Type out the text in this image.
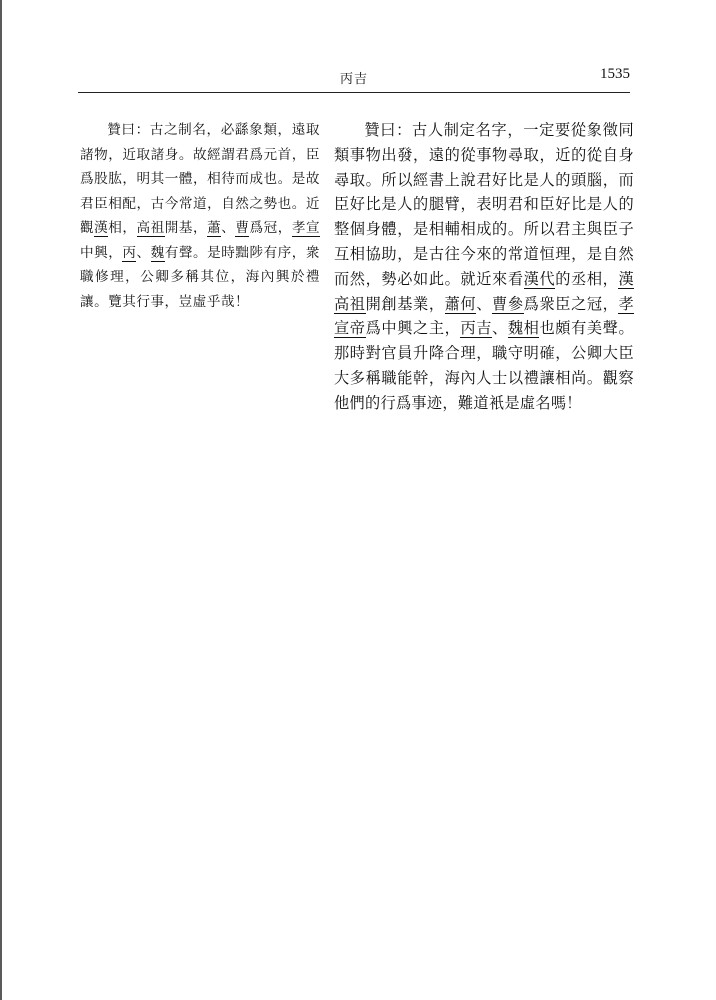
丙吉	1535

贊曰：古之制名，必繇象類，遠取諸物，近取諸身。故經謂君爲元首，臣爲股肱，明其一體，相待而成也。是故君臣相配，古今常道，自然之勢也。近觀漢相，高祖開基，蕭、曹爲冠，孝宣中興，丙、魏有聲。是時黜陟有序，衆職修理，公卿多稱其位，海內興於禮讓。覽其行事，豈虛乎哉！

贊曰：古人制定名字，一定要從象徵同類事物出發，遠的從事物尋取，近的從自身尋取。所以經書上說君好比是人的頭腦，而臣好比是人的腿臂，表明君和臣好比是人的整個身體，是相輔相成的。所以君主與臣子互相協助，是古往今來的常道恒理，是自然而然，勢必如此。就近來看漢代的丞相，漢高祖開創基業，蕭何、曹參爲衆臣之冠，孝宣帝爲中興之主，丙吉、魏相也頗有美聲。那時對官員升降合理，職守明確，公卿大臣大多稱職能幹，海內人士以禮讓相尚。觀察他們的行爲事迹，難道衹是虛名嗎！
